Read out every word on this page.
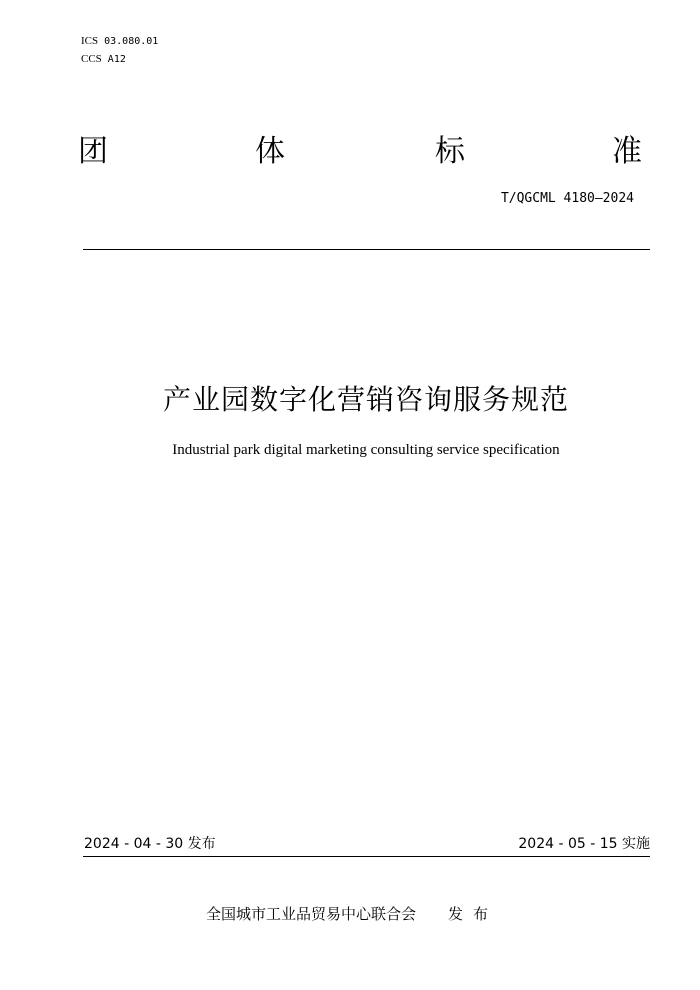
ICS 03.080.01
CCS A12
团	体	标	准
T/QGCML 4180—2024
产业园数字化营销咨询服务规范
Industrial park digital marketing consulting service specification
2024 - 04 - 30 发布	2024 - 05 - 15 实施
全国城市工业品贸易中心联合会 发布
